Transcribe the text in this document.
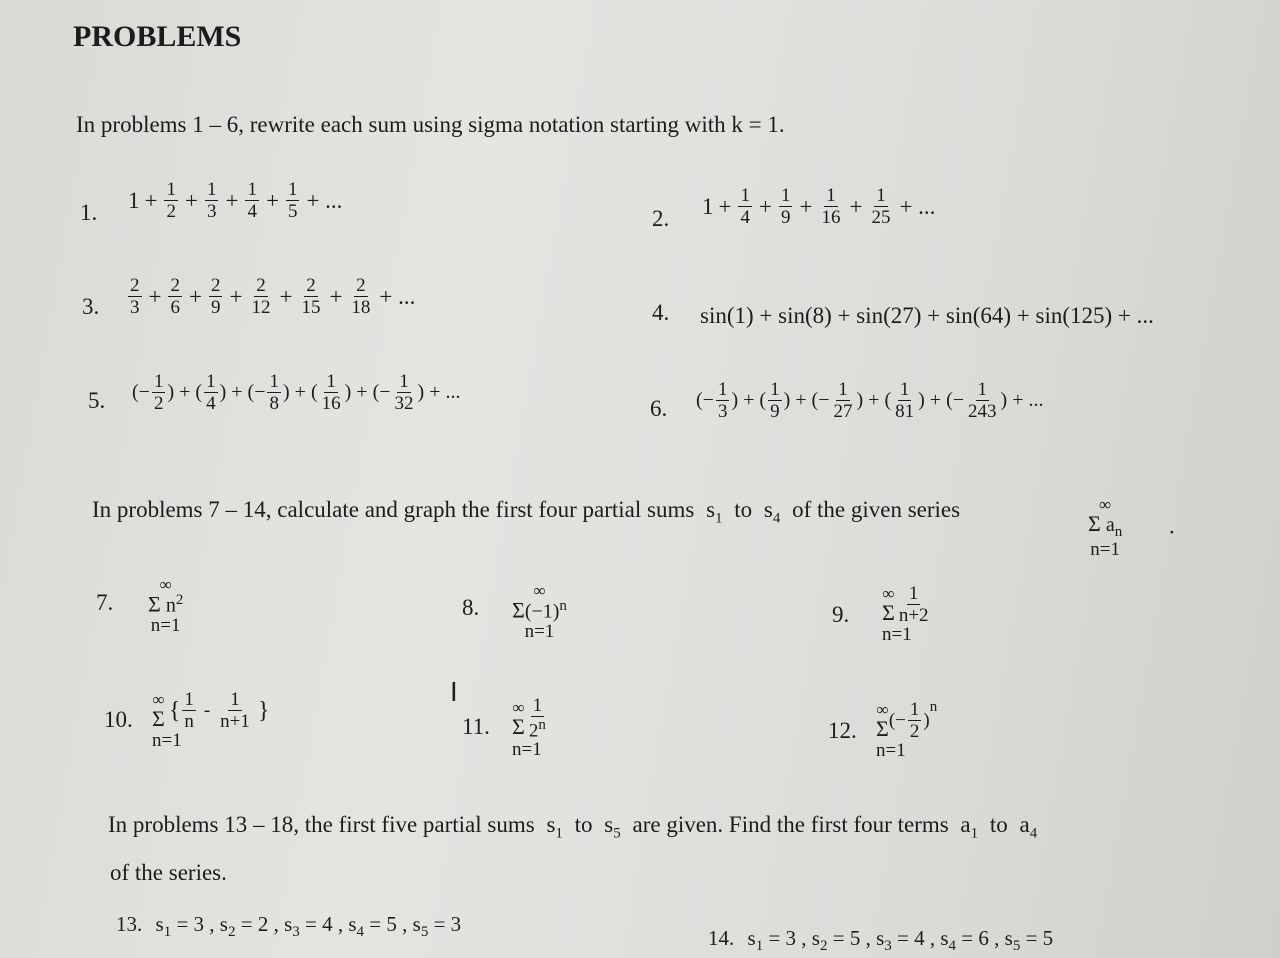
PROBLEMS
In problems 1 – 6, rewrite each sum using sigma notation starting with k = 1.
1. $1 + \frac{1}{2} + \frac{1}{3} + \frac{1}{4} + \frac{1}{5}$ + ...
2. $1 + \frac{1}{4} + \frac{1}{9} + \frac{1}{16} + \frac{1}{25}$ + ...
3. $\frac{2}{3} + \frac{2}{6} + \frac{2}{9} + \frac{2}{12} + \frac{2}{15} + \frac{2}{18}$ + ...
4. sin(1) + sin(8) + sin(27) + sin(64) + sin(125) + ...
5. ( − $\frac{1}{2}$ ) + ( $\frac{1}{4}$ ) + ( − $\frac{1}{8}$ ) + ( $\frac{1}{16}$ ) + ( − $\frac{1}{32}$ ) + ...
6. ( − $\frac{1}{3}$ ) + ( $\frac{1}{9}$ ) + ( − $\frac{1}{27}$ ) + ( $\frac{1}{81}$ ) + ( − $\frac{1}{243}$ ) + ...
In problems 7 – 14, calculate and graph the first four partial sums $s_1$ to $s_4$ of the given series	∞
Σ $a_n$
n=1
·
7.
∞
Σ $n^2$
n=1
8.
∞
$\Sigma(-1)^n$
n=1
9.
∞
Σ $\frac{1}{n+2}$
n=1
10.
∞
Σ { $\frac{1}{n} - \frac{1}{n+1}$ }
n=1
I
11.
∞
Σ $\frac{1}{2^n}$
n=1
12.
∞
Σ ( − $\frac{1}{2}$ )
$^n$
n=1
In problems 13 – 18, the first five partial sums $s_1$ to $s_5$ are given. Find the first four terms $a_1$ to $a_4$
of the series.
13. $s_1 = 3$ , $s_2 = 2$ , $s_3 = 4$ , $s_4 = 5$ , $s_5 = 3$
14. $s_1 = 3$ , $s_2 = 5$ , $s_3 = 4$ , $s_4 = 6$ , $s_5 = 5$
